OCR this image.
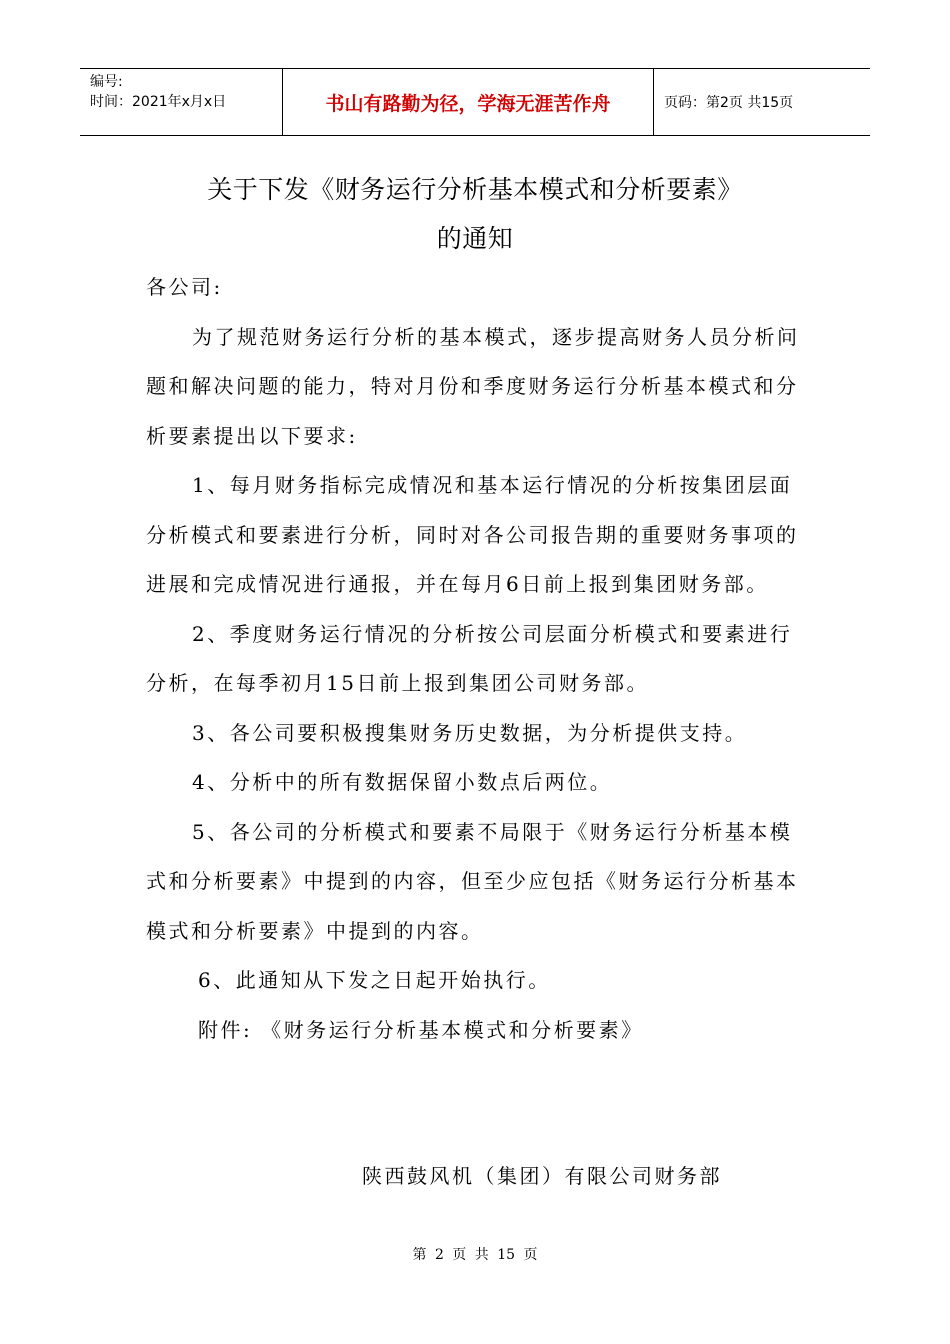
编号:
时间：2021年x月x日	书山有路勤为径，学海无涯苦作舟	页码：第2页 共15页
关于下发《财务运行分析基本模式和分析要素》
的通知

各公司:

为了规范财务运行分析的基本模式，逐步提高财务人员分析问题和解决问题的能力，特对月份和季度财务运行分析基本模式和分析要素提出以下要求:

1、每月财务指标完成情况和基本运行情况的分析按集团层面分析模式和要素进行分析，同时对各公司报告期的重要财务事项的进展和完成情况进行通报，并在每月6日前上报到集团财务部。

2、季度财务运行情况的分析按公司层面分析模式和要素进行分析，在每季初月15日前上报到集团公司财务部。

3、各公司要积极搜集财务历史数据，为分析提供支持。

4、分析中的所有数据保留小数点后两位。

5、各公司的分析模式和要素不局限于《财务运行分析基本模式和分析要素》中提到的内容，但至少应包括《财务运行分析基本模式和分析要素》中提到的内容。

6、此通知从下发之日起开始执行。

附件: 《财务运行分析基本模式和分析要素》

陕西鼓风机（集团）有限公司财务部
第 2 页 共 15 页
